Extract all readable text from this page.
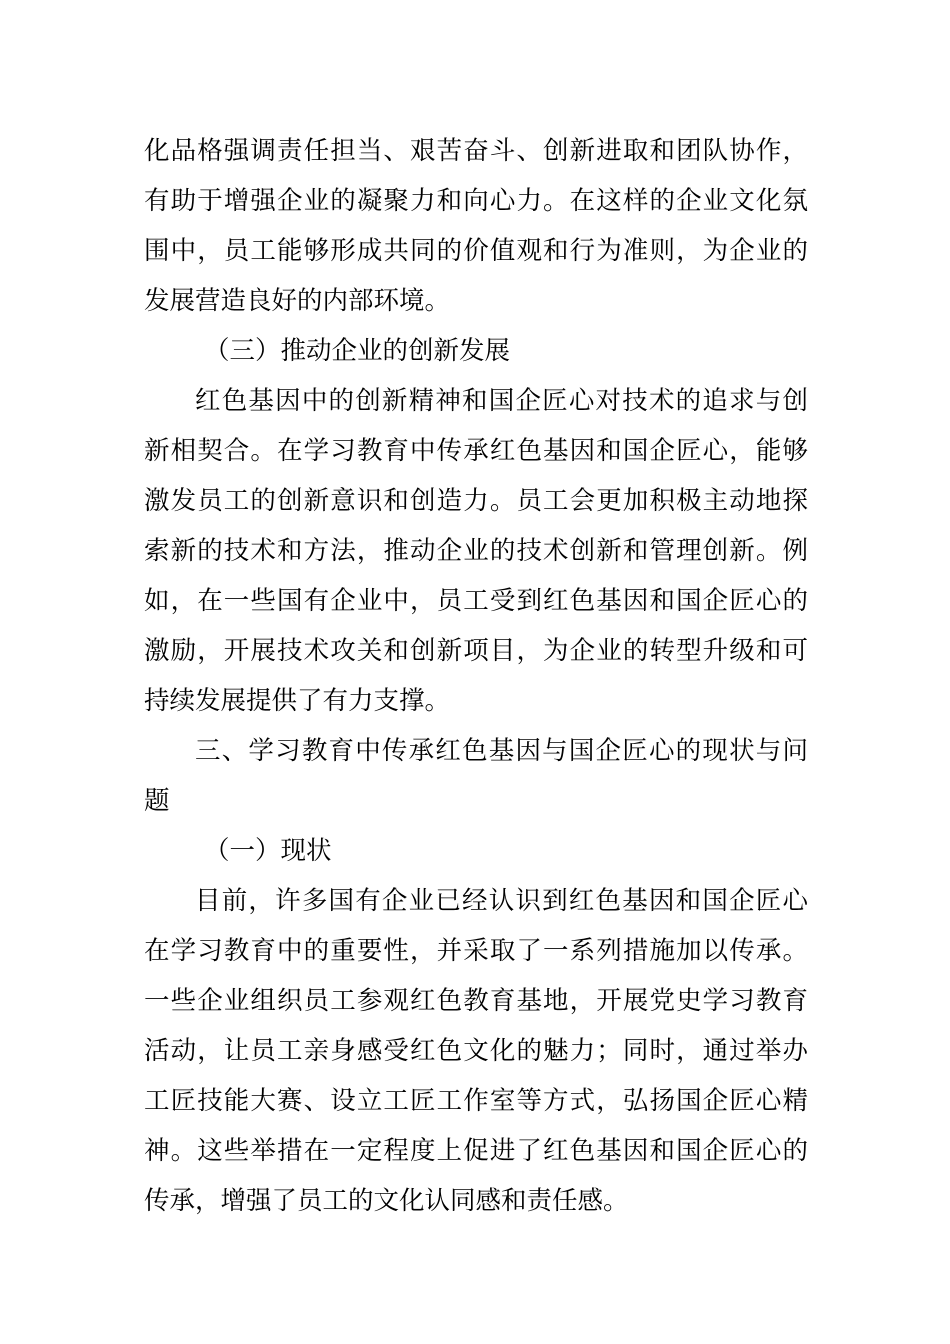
化品格强调责任担当、艰苦奋斗、创新进取和团队协作，
有助于增强企业的凝聚力和向心力。在这样的企业文化氛
围中，员工能够形成共同的价值观和行为准则，为企业的
发展营造良好的内部环境。
（三）推动企业的创新发展
红色基因中的创新精神和国企匠心对技术的追求与创
新相契合。在学习教育中传承红色基因和国企匠心，能够
激发员工的创新意识和创造力。员工会更加积极主动地探
索新的技术和方法，推动企业的技术创新和管理创新。例
如，在一些国有企业中，员工受到红色基因和国企匠心的
激励，开展技术攻关和创新项目，为企业的转型升级和可
持续发展提供了有力支撑。
三、学习教育中传承红色基因与国企匠心的现状与问
题
（一）现状
目前，许多国有企业已经认识到红色基因和国企匠心
在学习教育中的重要性，并采取了一系列措施加以传承。
一些企业组织员工参观红色教育基地，开展党史学习教育
活动，让员工亲身感受红色文化的魅力；同时，通过举办
工匠技能大赛、设立工匠工作室等方式，弘扬国企匠心精
神。这些举措在一定程度上促进了红色基因和国企匠心的
传承，增强了员工的文化认同感和责任感。
